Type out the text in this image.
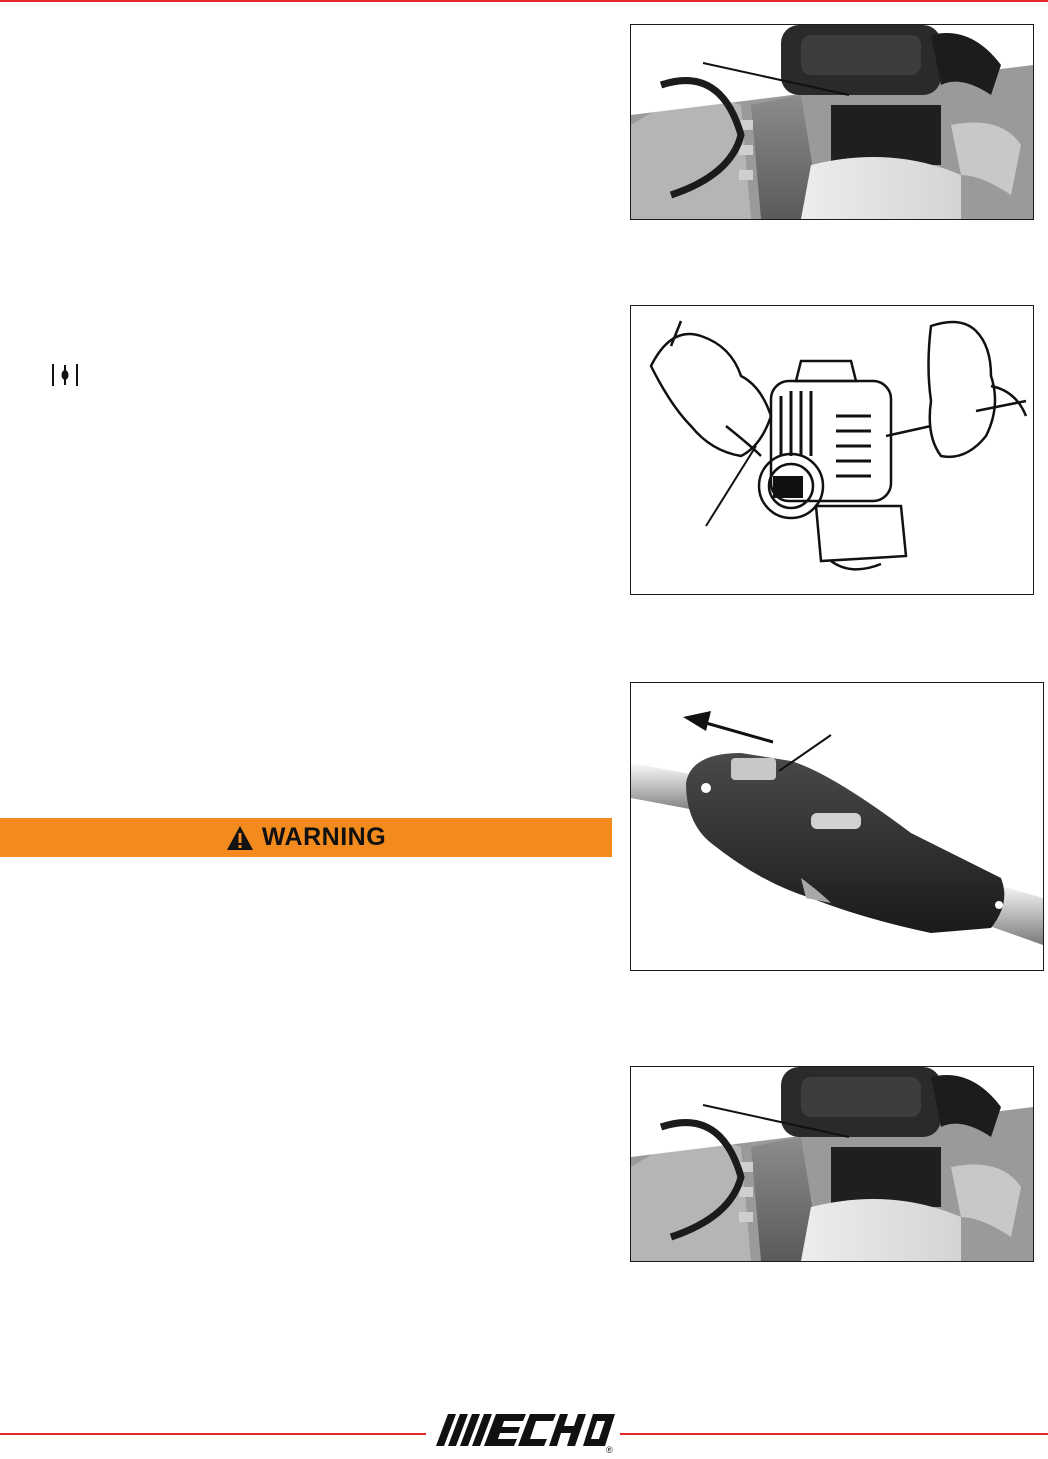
WARNING
®
